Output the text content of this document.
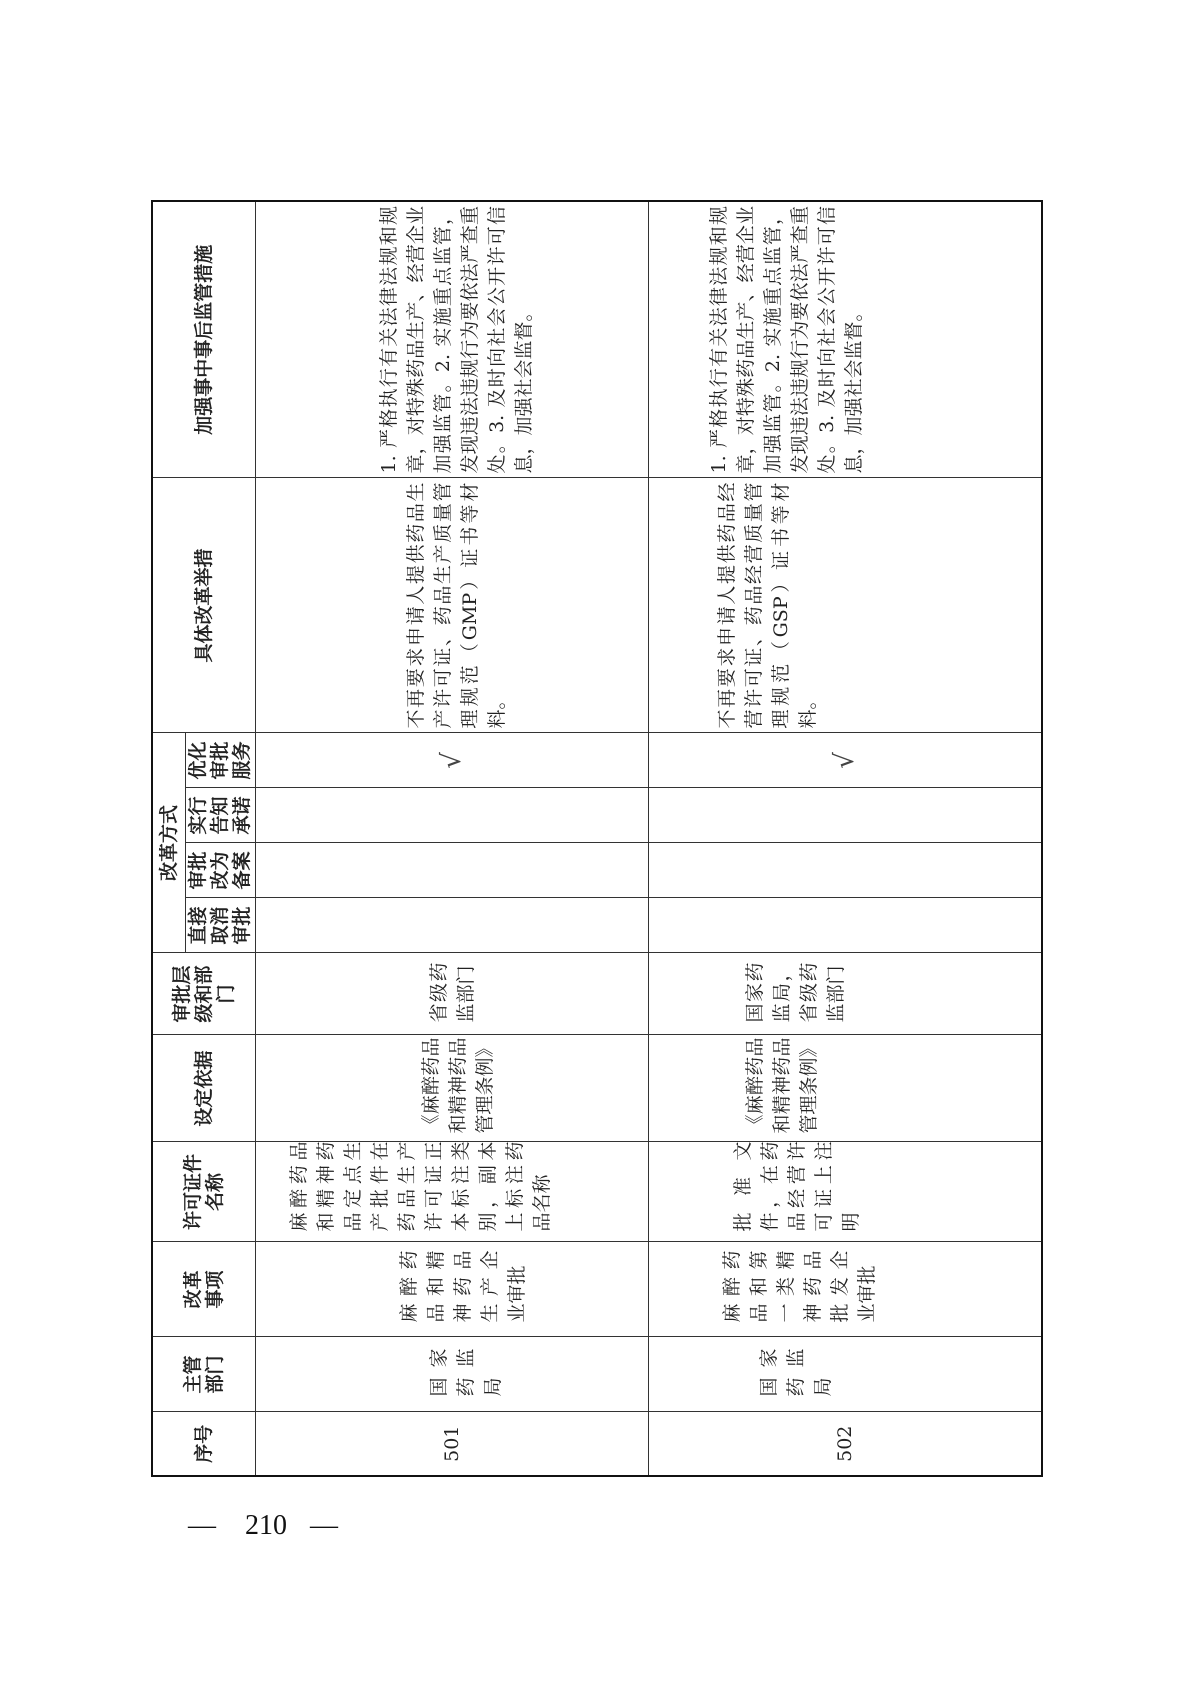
序号	主管部门	改革事项	许可证件名称	设定依据	审批层级和部门	改革方式				具体改革举措	加强事中事后监管措施
						直接取消审批	审批改为备案	实行告知承诺	优化审批服务		
501	国家药监局	麻醉药品和精神药品生产企业审批	麻醉药品和精神药品定点生产批件在药品生产许可证正本标注类别，副本上标注药品名称	《麻醉药品和精神药品管理条例》	省级药监部门				√	不再要求申请人提供药品生产许可证、药品生产质量管理规范（GMP）证书等材料。	1. 严格执行有关法律法规和规章，对特殊药品生产、经营企业加强监管。2. 实施重点监管，发现违法违规行为要依法严查重处。3. 及时向社会公开许可信息，加强社会监督。

502	国家药监局	麻醉药品和第一类精神药品批发企业审批	批准文件，在药品经营许可证上注明	《麻醉药品和精神药品管理条例》	国家药监局，省级药监部门				√	不再要求申请人提供药品经营许可证、药品经营质量管理规范（GSP）证书等材料。	1. 严格执行有关法律法规和规章，对特殊药品生产、经营企业加强监管。2. 实施重点监管，发现违法违规行为要依法严查重处。3. 及时向社会公开许可信息，加强社会监督。
— 210 —
